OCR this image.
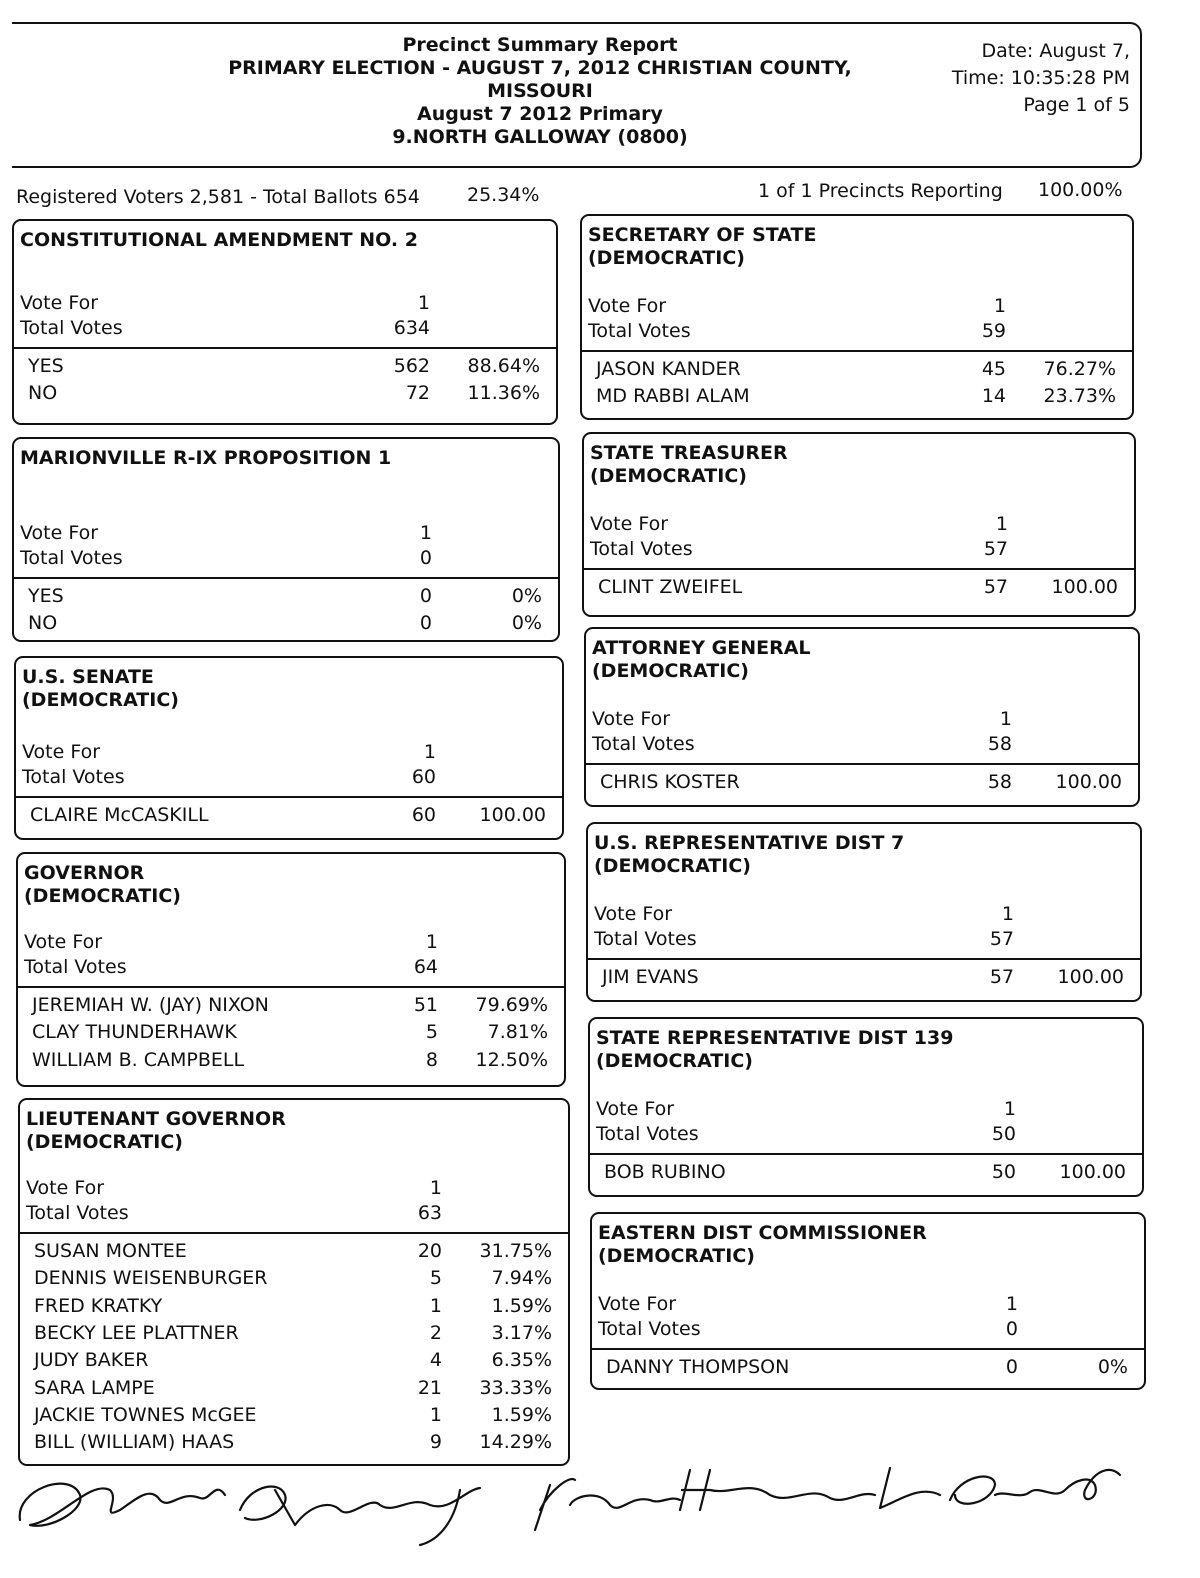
Precinct Summary Report
PRIMARY ELECTION - AUGUST 7, 2012 CHRISTIAN COUNTY,
MISSOURI
August 7 2012 Primary
9.NORTH GALLOWAY (0800)
Date: August 7,
Time: 10:35:28 PM
Page 1 of 5
Registered Voters 2,581 - Total Ballots 654 25.34%	1 of 1 Precincts Reporting 100.00%
CONSTITUTIONAL AMENDMENT NO. 2
Vote For	1
Total Votes	634
YES	562	88.64%
NO	72	11.36%
MARIONVILLE R-IX PROPOSITION 1
Vote For	1
Total Votes	0
YES	0	0%
NO	0	0%
U.S. SENATE
(DEMOCRATIC)
Vote For	1
Total Votes	60
CLAIRE McCASKILL	60	100.00
GOVERNOR
(DEMOCRATIC)
Vote For	1
Total Votes	64
JEREMIAH W. (JAY) NIXON	51	79.69%
CLAY THUNDERHAWK	5	7.81%
WILLIAM B. CAMPBELL	8	12.50%
LIEUTENANT GOVERNOR
(DEMOCRATIC)
Vote For	1
Total Votes	63
SUSAN MONTEE	20	31.75%
DENNIS WEISENBURGER	5	7.94%
FRED KRATKY	1	1.59%
BECKY LEE PLATTNER	2	3.17%
JUDY BAKER	4	6.35%
SARA LAMPE	21	33.33%
JACKIE TOWNES McGEE	1	1.59%
BILL (WILLIAM) HAAS	9	14.29%
SECRETARY OF STATE
(DEMOCRATIC)
Vote For	1
Total Votes	59
JASON KANDER	45	76.27%
MD RABBI ALAM	14	23.73%
STATE TREASURER
(DEMOCRATIC)
Vote For	1
Total Votes	57
CLINT ZWEIFEL	57	100.00
ATTORNEY GENERAL
(DEMOCRATIC)
Vote For	1
Total Votes	58
CHRIS KOSTER	58	100.00
U.S. REPRESENTATIVE DIST 7
(DEMOCRATIC)
Vote For	1
Total Votes	57
JIM EVANS	57	100.00
STATE REPRESENTATIVE DIST 139
(DEMOCRATIC)
Vote For	1
Total Votes	50
BOB RUBINO	50	100.00
EASTERN DIST COMMISSIONER
(DEMOCRATIC)
Vote For	1
Total Votes	0
DANNY THOMPSON	0	0%
